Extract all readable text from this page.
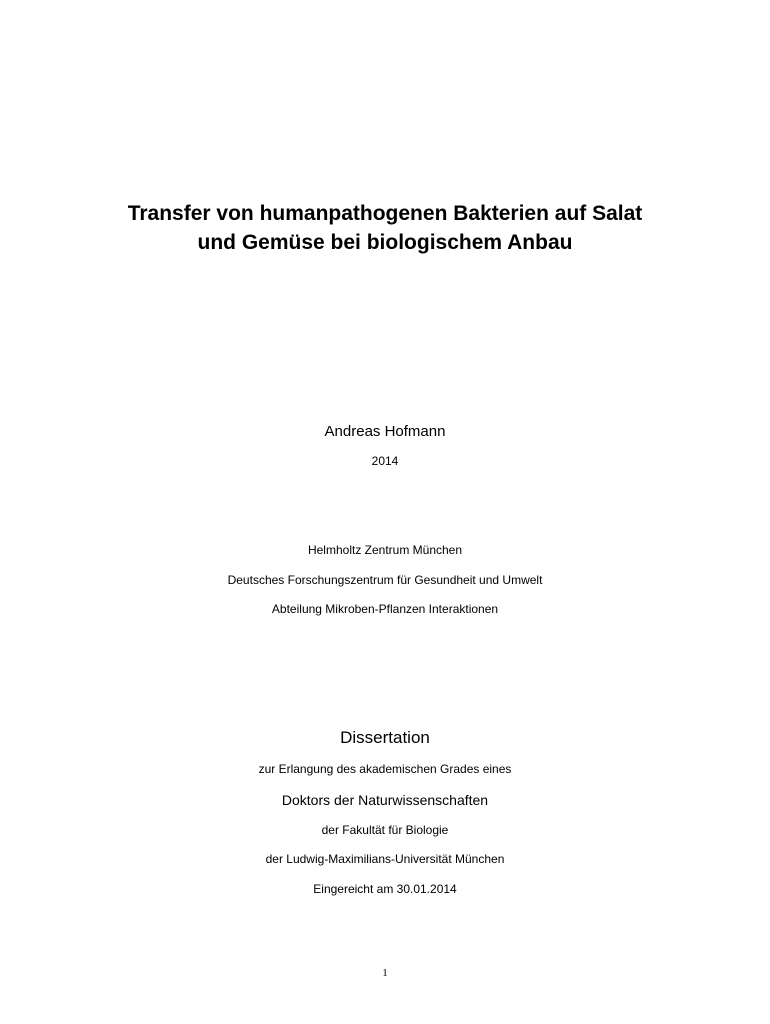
Transfer von humanpathogenen Bakterien auf Salat
und Gemüse bei biologischem Anbau
Andreas Hofmann
2014
Helmholtz Zentrum München
Deutsches Forschungszentrum für Gesundheit und Umwelt
Abteilung Mikroben-Pflanzen Interaktionen
Dissertation
zur Erlangung des akademischen Grades eines
Doktors der Naturwissenschaften
der Fakultät für Biologie
der Ludwig-Maximilians-Universität München
Eingereicht am 30.01.2014
1
